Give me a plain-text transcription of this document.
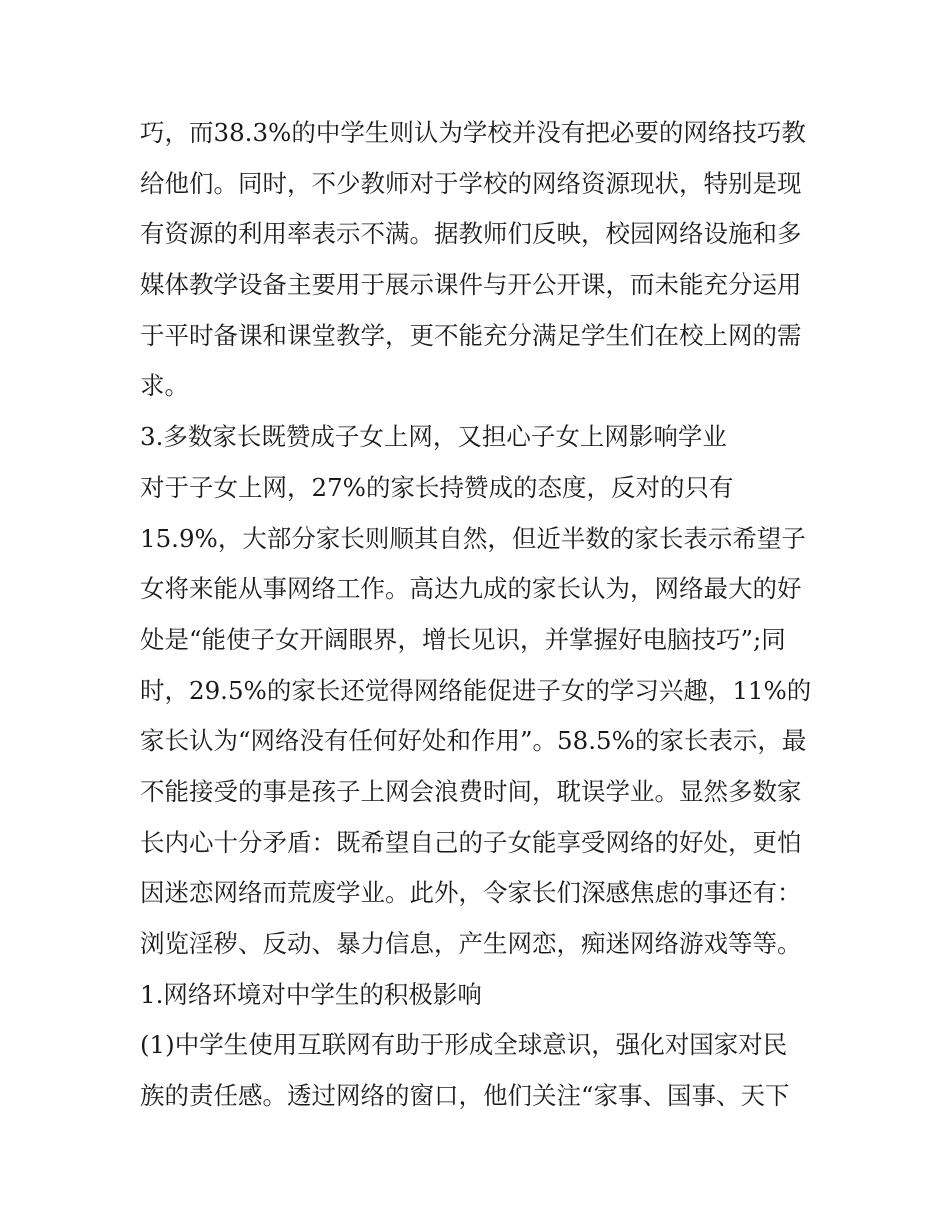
巧，而38.3%的中学生则认为学校并没有把必要的网络技巧教
给他们。同时，不少教师对于学校的网络资源现状，特别是现
有资源的利用率表示不满。据教师们反映，校园网络设施和多
媒体教学设备主要用于展示课件与开公开课，而未能充分运用
于平时备课和课堂教学，更不能充分满足学生们在校上网的需
求。
3.多数家长既赞成子女上网，又担心子女上网影响学业
对于子女上网，27%的家长持赞成的态度，反对的只有
15.9%，大部分家长则顺其自然，但近半数的家长表示希望子
女将来能从事网络工作。高达九成的家长认为，网络最大的好
处是“能使子女开阔眼界，增长见识，并掌握好电脑技巧”;同
时，29.5%的家长还觉得网络能促进子女的学习兴趣，11%的
家长认为“网络没有任何好处和作用”。58.5%的家长表示，最
不能接受的事是孩子上网会浪费时间，耽误学业。显然多数家
长内心十分矛盾：既希望自己的子女能享受网络的好处，更怕
因迷恋网络而荒废学业。此外，令家长们深感焦虑的事还有：
浏览淫秽、反动、暴力信息，产生网恋，痴迷网络游戏等等。
1.网络环境对中学生的积极影响
(1)中学生使用互联网有助于形成全球意识，强化对国家对民
族的责任感。透过网络的窗口，他们关注“家事、国事、天下
